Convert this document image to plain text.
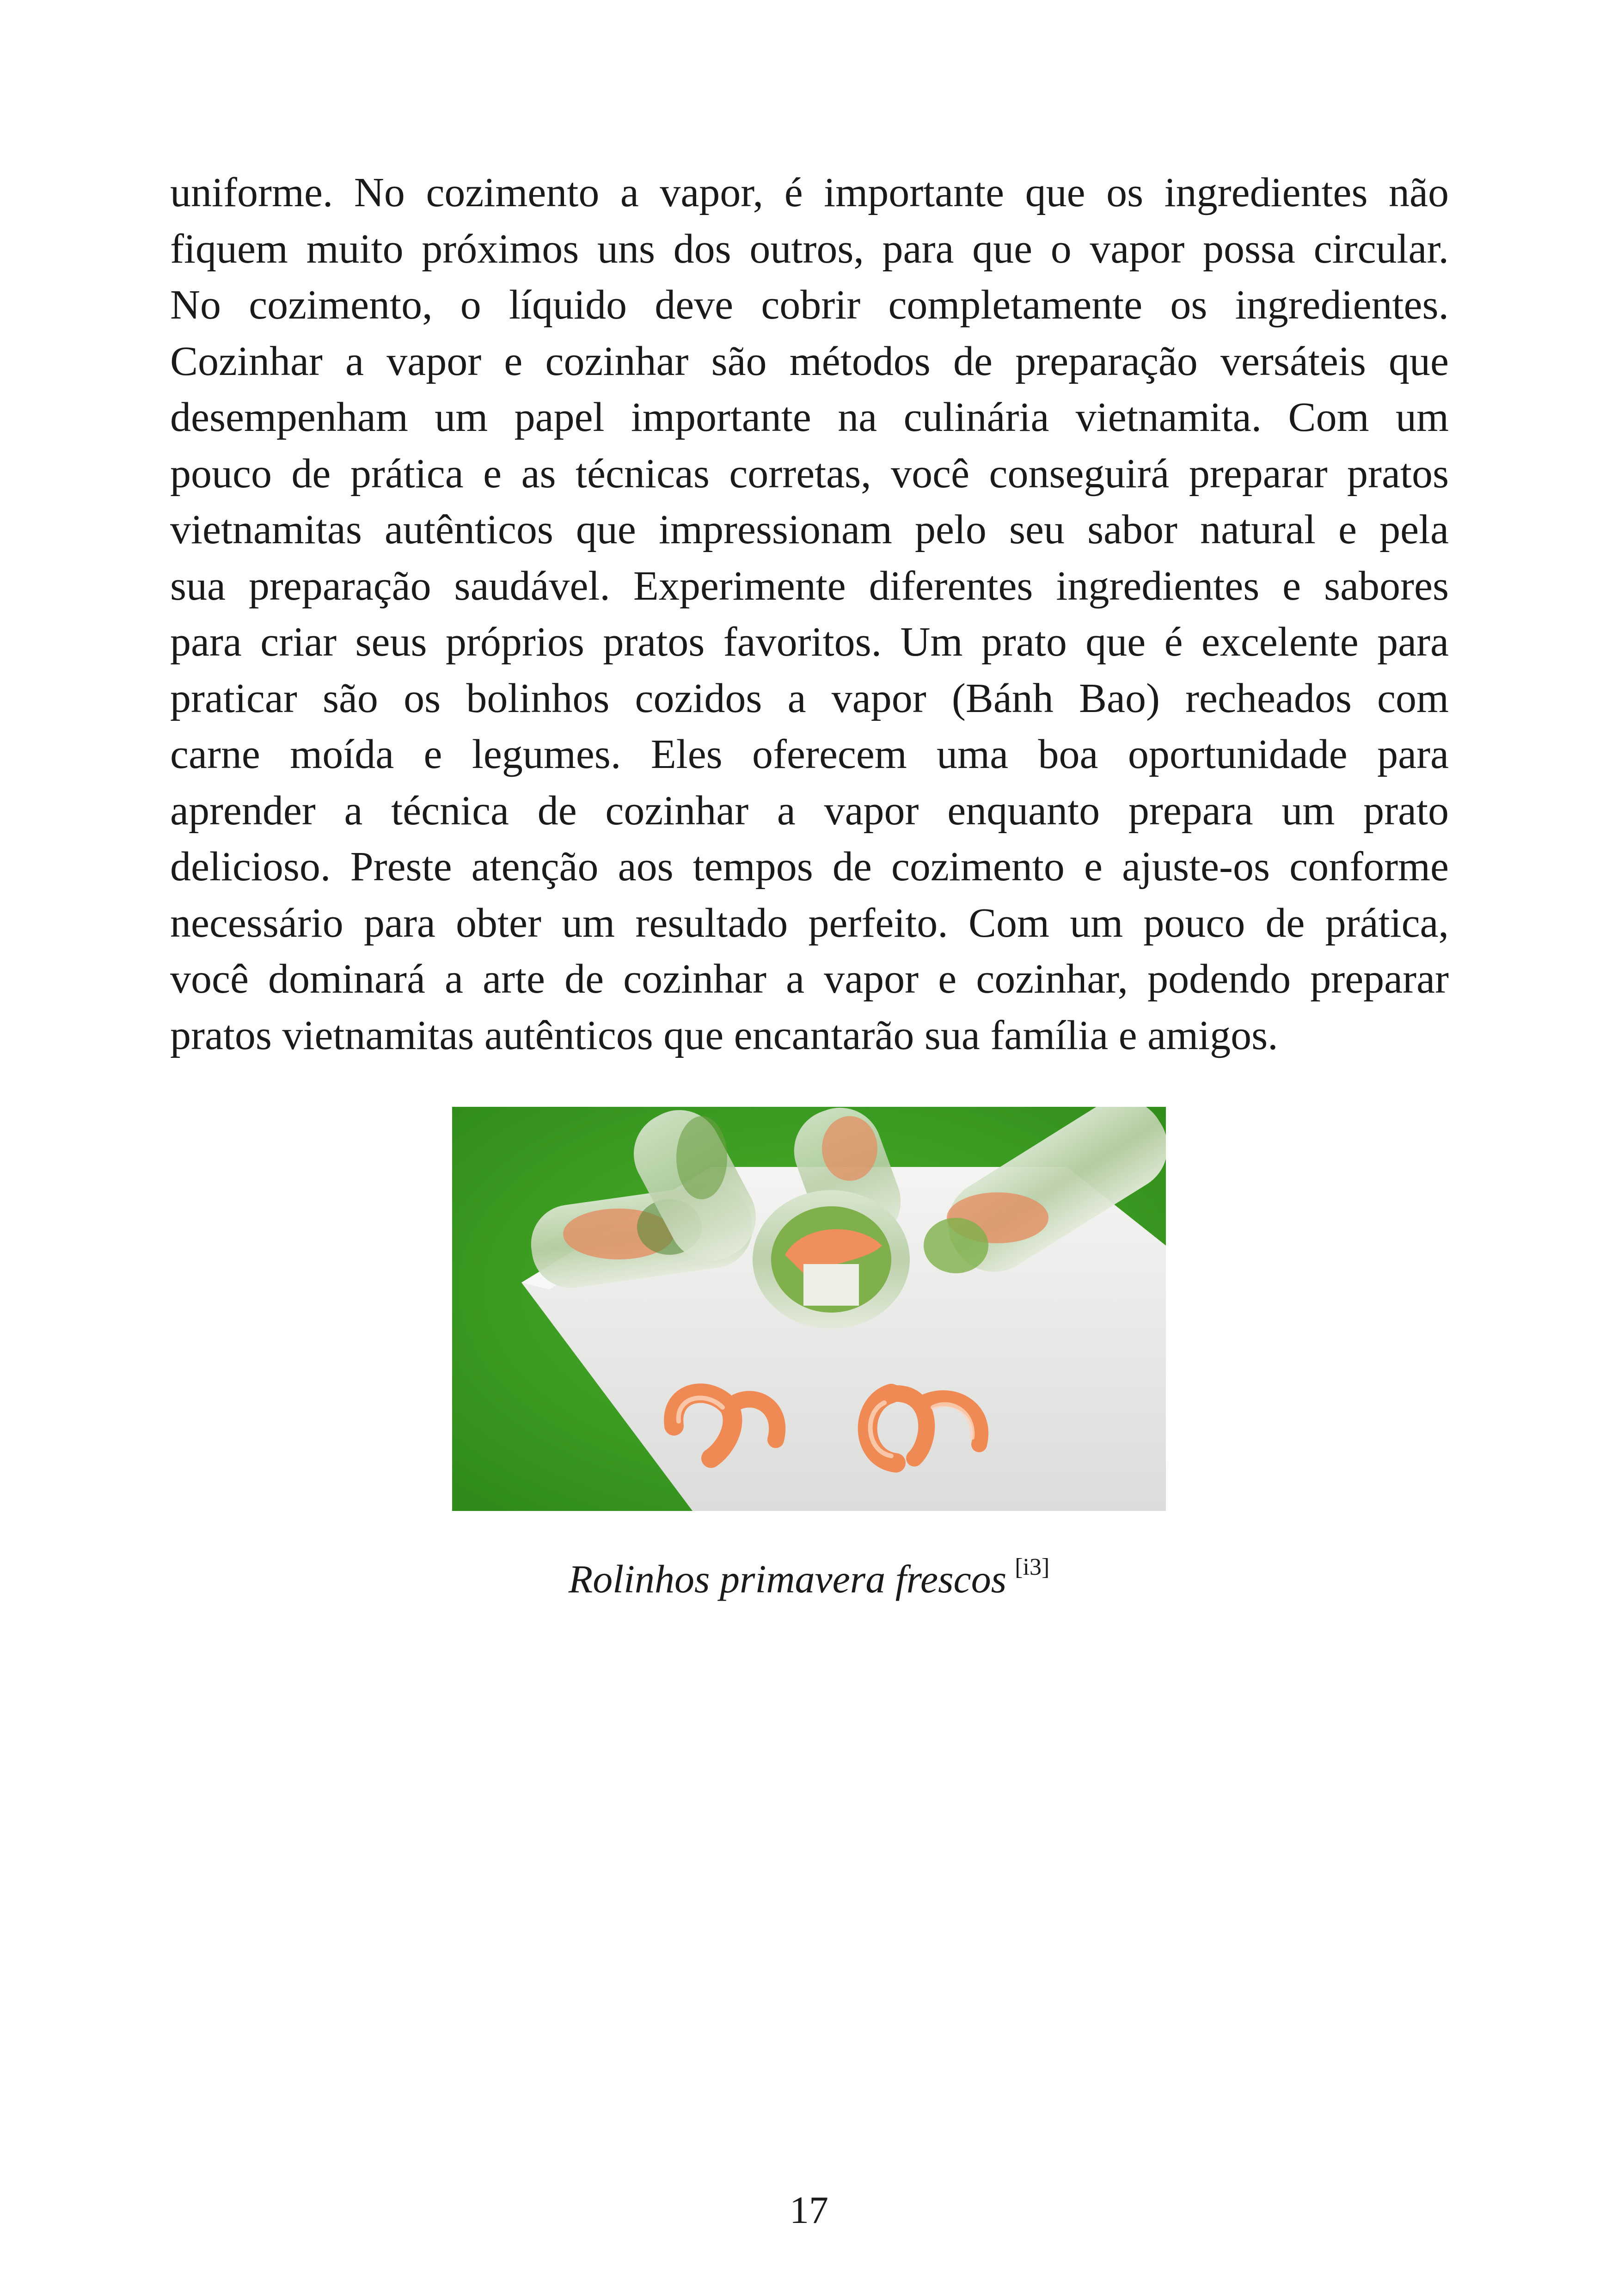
uniforme. No cozimento a vapor, é importante que os ingredientes não
fiquem muito próximos uns dos outros, para que o vapor possa circular.
No cozimento, o líquido deve cobrir completamente os ingredientes.
Cozinhar a vapor e cozinhar são métodos de preparação versáteis que
desempenham um papel importante na culinária vietnamita. Com um
pouco de prática e as técnicas corretas, você conseguirá preparar pratos
vietnamitas autênticos que impressionam pelo seu sabor natural e pela
sua preparação saudável. Experimente diferentes ingredientes e sabores
para criar seus próprios pratos favoritos. Um prato que é excelente para
praticar são os bolinhos cozidos a vapor (Bánh Bao) recheados com
carne moída e legumes. Eles oferecem uma boa oportunidade para
aprender a técnica de cozinhar a vapor enquanto prepara um prato
delicioso. Preste atenção aos tempos de cozimento e ajuste-os conforme
necessário para obter um resultado perfeito. Com um pouco de prática,
você dominará a arte de cozinhar a vapor e cozinhar, podendo preparar
pratos vietnamitas autênticos que encantarão sua família e amigos.
Rolinhos primavera frescos [i3]
17
